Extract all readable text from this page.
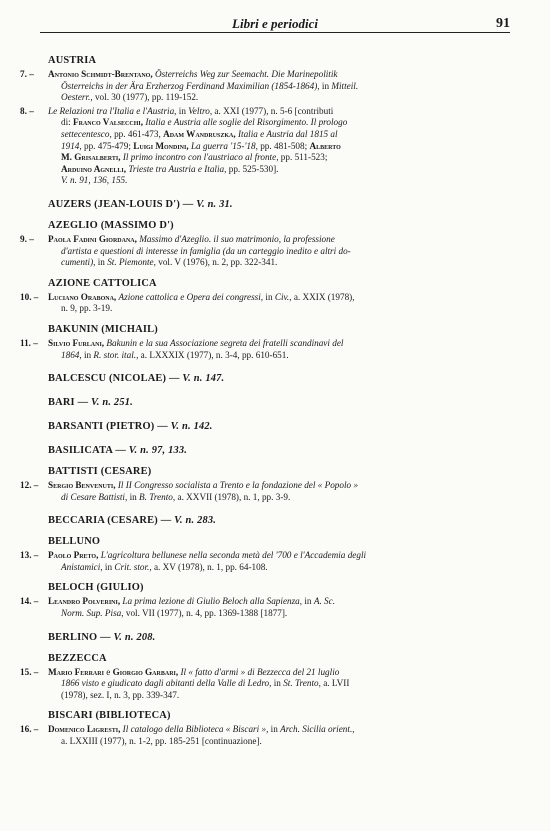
Libri e periodici	91
AUSTRIA
7. –	Antonio Schmidt-Brentano, Österreichs Weg zur Seemacht. Die Marinepolitik
Österreichs in der Ära Erzherzog Ferdinand Maximilian (1854-1864), in Mitteil.
Oesterr., vol. 30 (1977), pp. 119-152.
8. –	Le Relazioni tra l'Italia e l'Austria, in Veltro, a. XXI (1977), n. 5-6 [contributi
di: Franco Valsecchi, Italia e Austria alle soglie del Risorgimento. Il prologo
settecentesco, pp. 461-473, Adam Wandruszka, Italia e Austria dal 1815 al
1914, pp. 475-479; Luigi Mondini, La guerra '15-'18, pp. 481-508; Alberto
M. Grisalberti, Il primo incontro con l'austriaco al fronte, pp. 511-523;
Arduino Agnelli, Trieste tra Austria e Italia, pp. 525-530].
V. n. 91, 136, 155.
AUZERS (JEAN-LOUIS D') — V. n. 31.
AZEGLIO (MASSIMO D')
9. –	Paola Fadini Giordana, Massimo d'Azeglio. il suo matrimonio, la professione
d'artista e questioni di interesse in famiglia (da un carteggio inedito e altri do-
cumenti), in St. Piemonte, vol. V (1976), n. 2, pp. 322-341.
AZIONE CATTOLICA
10. –	Luciano Orabona, Azione cattolica e Opera dei congressi, in Civ., a. XXIX (1978),
n. 9, pp. 3-19.
BAKUNIN (MICHAIL)
11. –	Silvio Furlani, Bakunin e la sua Associazione segreta dei fratelli scandinavi del
1864, in R. stor. ital., a. LXXXIX (1977), n. 3-4, pp. 610-651.
BALCESCU (NICOLAE) — V. n. 147.
BARI — V. n. 251.
BARSANTI (PIETRO) — V. n. 142.
BASILICATA — V. n. 97, 133.
BATTISTI (CESARE)
12. –	Sergio Benvenuti, Il II Congresso socialista a Trento e la fondazione del « Popolo »
di Cesare Battisti, in B. Trento, a. XXVII (1978), n. 1, pp. 3-9.
BECCARIA (CESARE) — V. n. 283.
BELLUNO
13. –	Paolo Preto, L'agricoltura bellunese nella seconda metà del '700 e l'Accademia degli
Anistamici, in Crit. stor., a. XV (1978), n. 1, pp. 64-108.
BELOCH (GIULIO)
14. –	Leandro Polverini, La prima lezione di Giulio Beloch alla Sapienza, in A. Sc.
Norm. Sup. Pisa, vol. VII (1977), n. 4, pp. 1369-1388 [1877].
BERLINO — V. n. 208.
BEZZECCA
15. –	Mario Ferrari e Giorgio Garbari, Il « fatto d'armi » di Bezzecca del 21 luglio
1866 visto e giudicato dagli abitanti della Valle di Ledro, in St. Trento, a. LVII
(1978), sez. I, n. 3, pp. 339-347.
BISCARI (BIBLIOTECA)
16. –	Domenico Ligresti, Il catalogo della Biblioteca « Biscari », in Arch. Sicilia orient.,
a. LXXIII (1977), n. 1-2, pp. 185-251 [continuazione].
